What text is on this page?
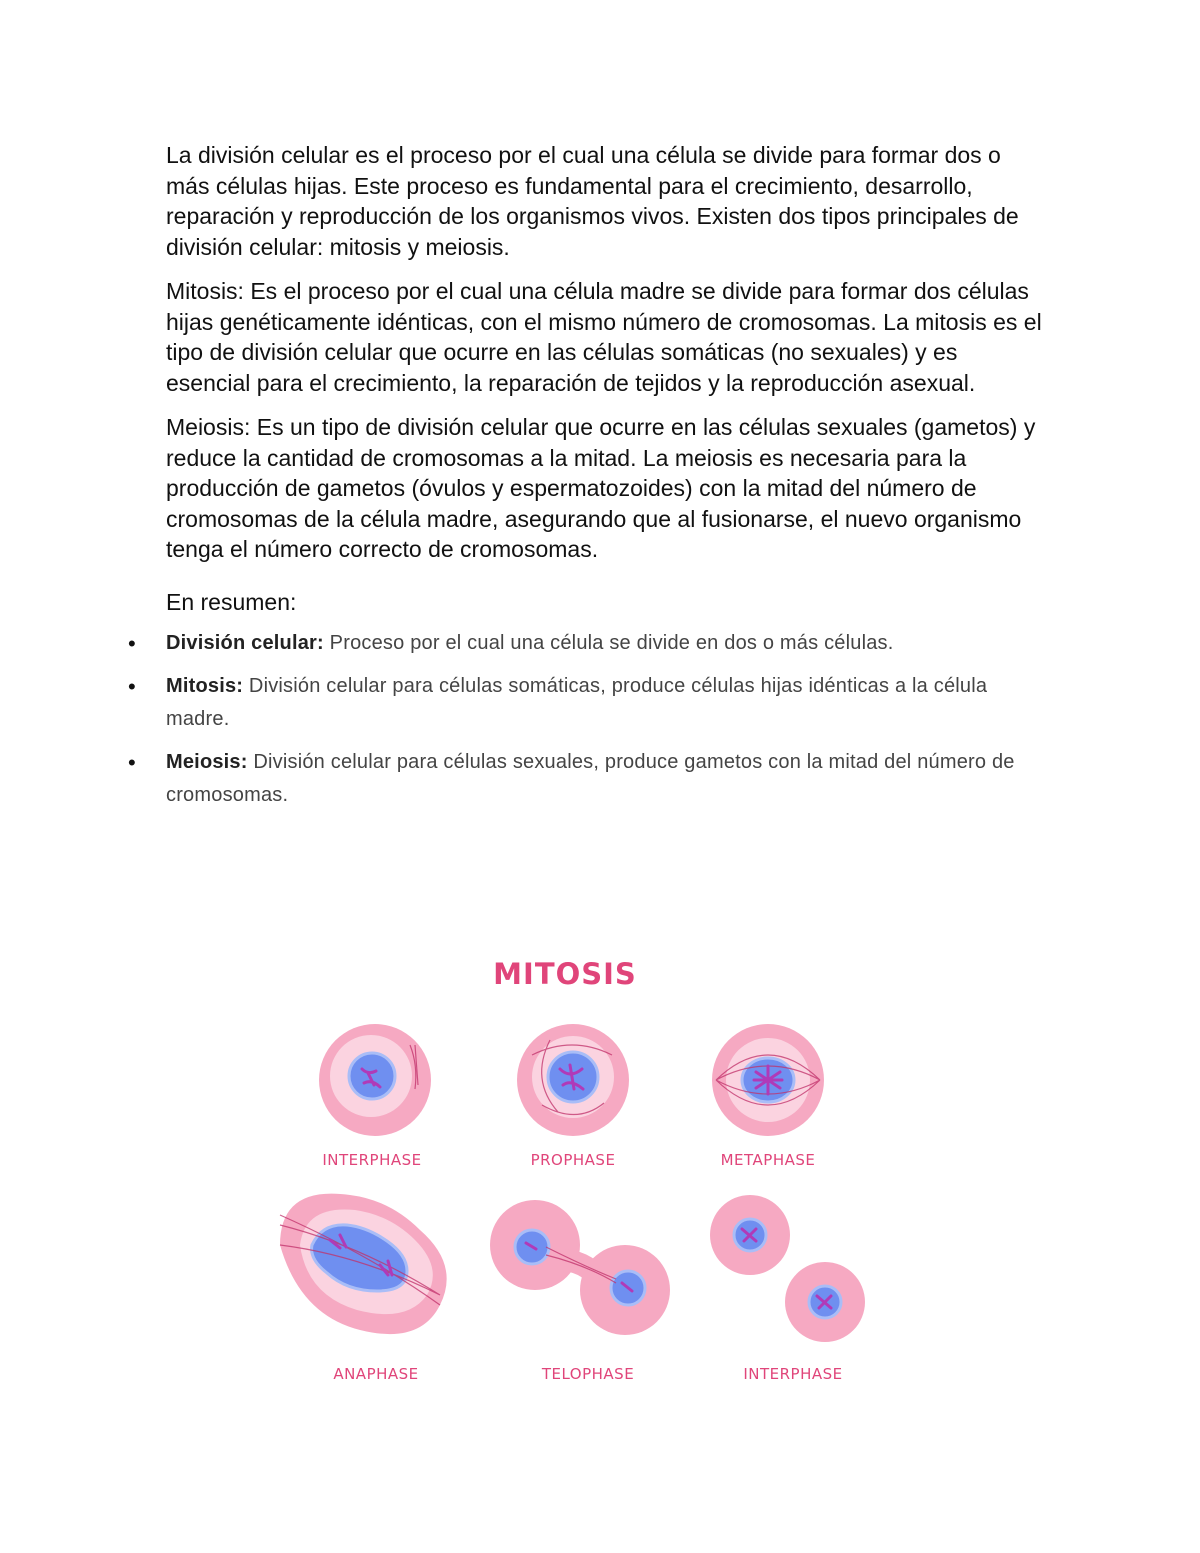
La división celular es el proceso por el cual una célula se divide para formar dos o más células hijas. Este proceso es fundamental para el crecimiento, desarrollo, reparación y reproducción de los organismos vivos. Existen dos tipos principales de división celular: mitosis y meiosis.

Mitosis: Es el proceso por el cual una célula madre se divide para formar dos células hijas genéticamente idénticas, con el mismo número de cromosomas. La mitosis es el tipo de división celular que ocurre en las células somáticas (no sexuales) y es esencial para el crecimiento, la reparación de tejidos y la reproducción asexual.

Meiosis: Es un tipo de división celular que ocurre en las células sexuales (gametos) y reduce la cantidad de cromosomas a la mitad. La meiosis es necesaria para la producción de gametos (óvulos y espermatozoides) con la mitad del número de cromosomas de la célula madre, asegurando que al fusionarse, el nuevo organismo tenga el número correcto de cromosomas.

En resumen:

• División celular: Proceso por el cual una célula se divide en dos o más células.
• Mitosis: División celular para células somáticas, produce células hijas idénticas a la célula madre.
• Meiosis: División celular para células sexuales, produce gametos con la mitad del número de cromosomas.
MITOSIS
INTERPHASE	PROPHASE	METAPHASE
ANAPHASE	TELOPHASE	INTERPHASE
